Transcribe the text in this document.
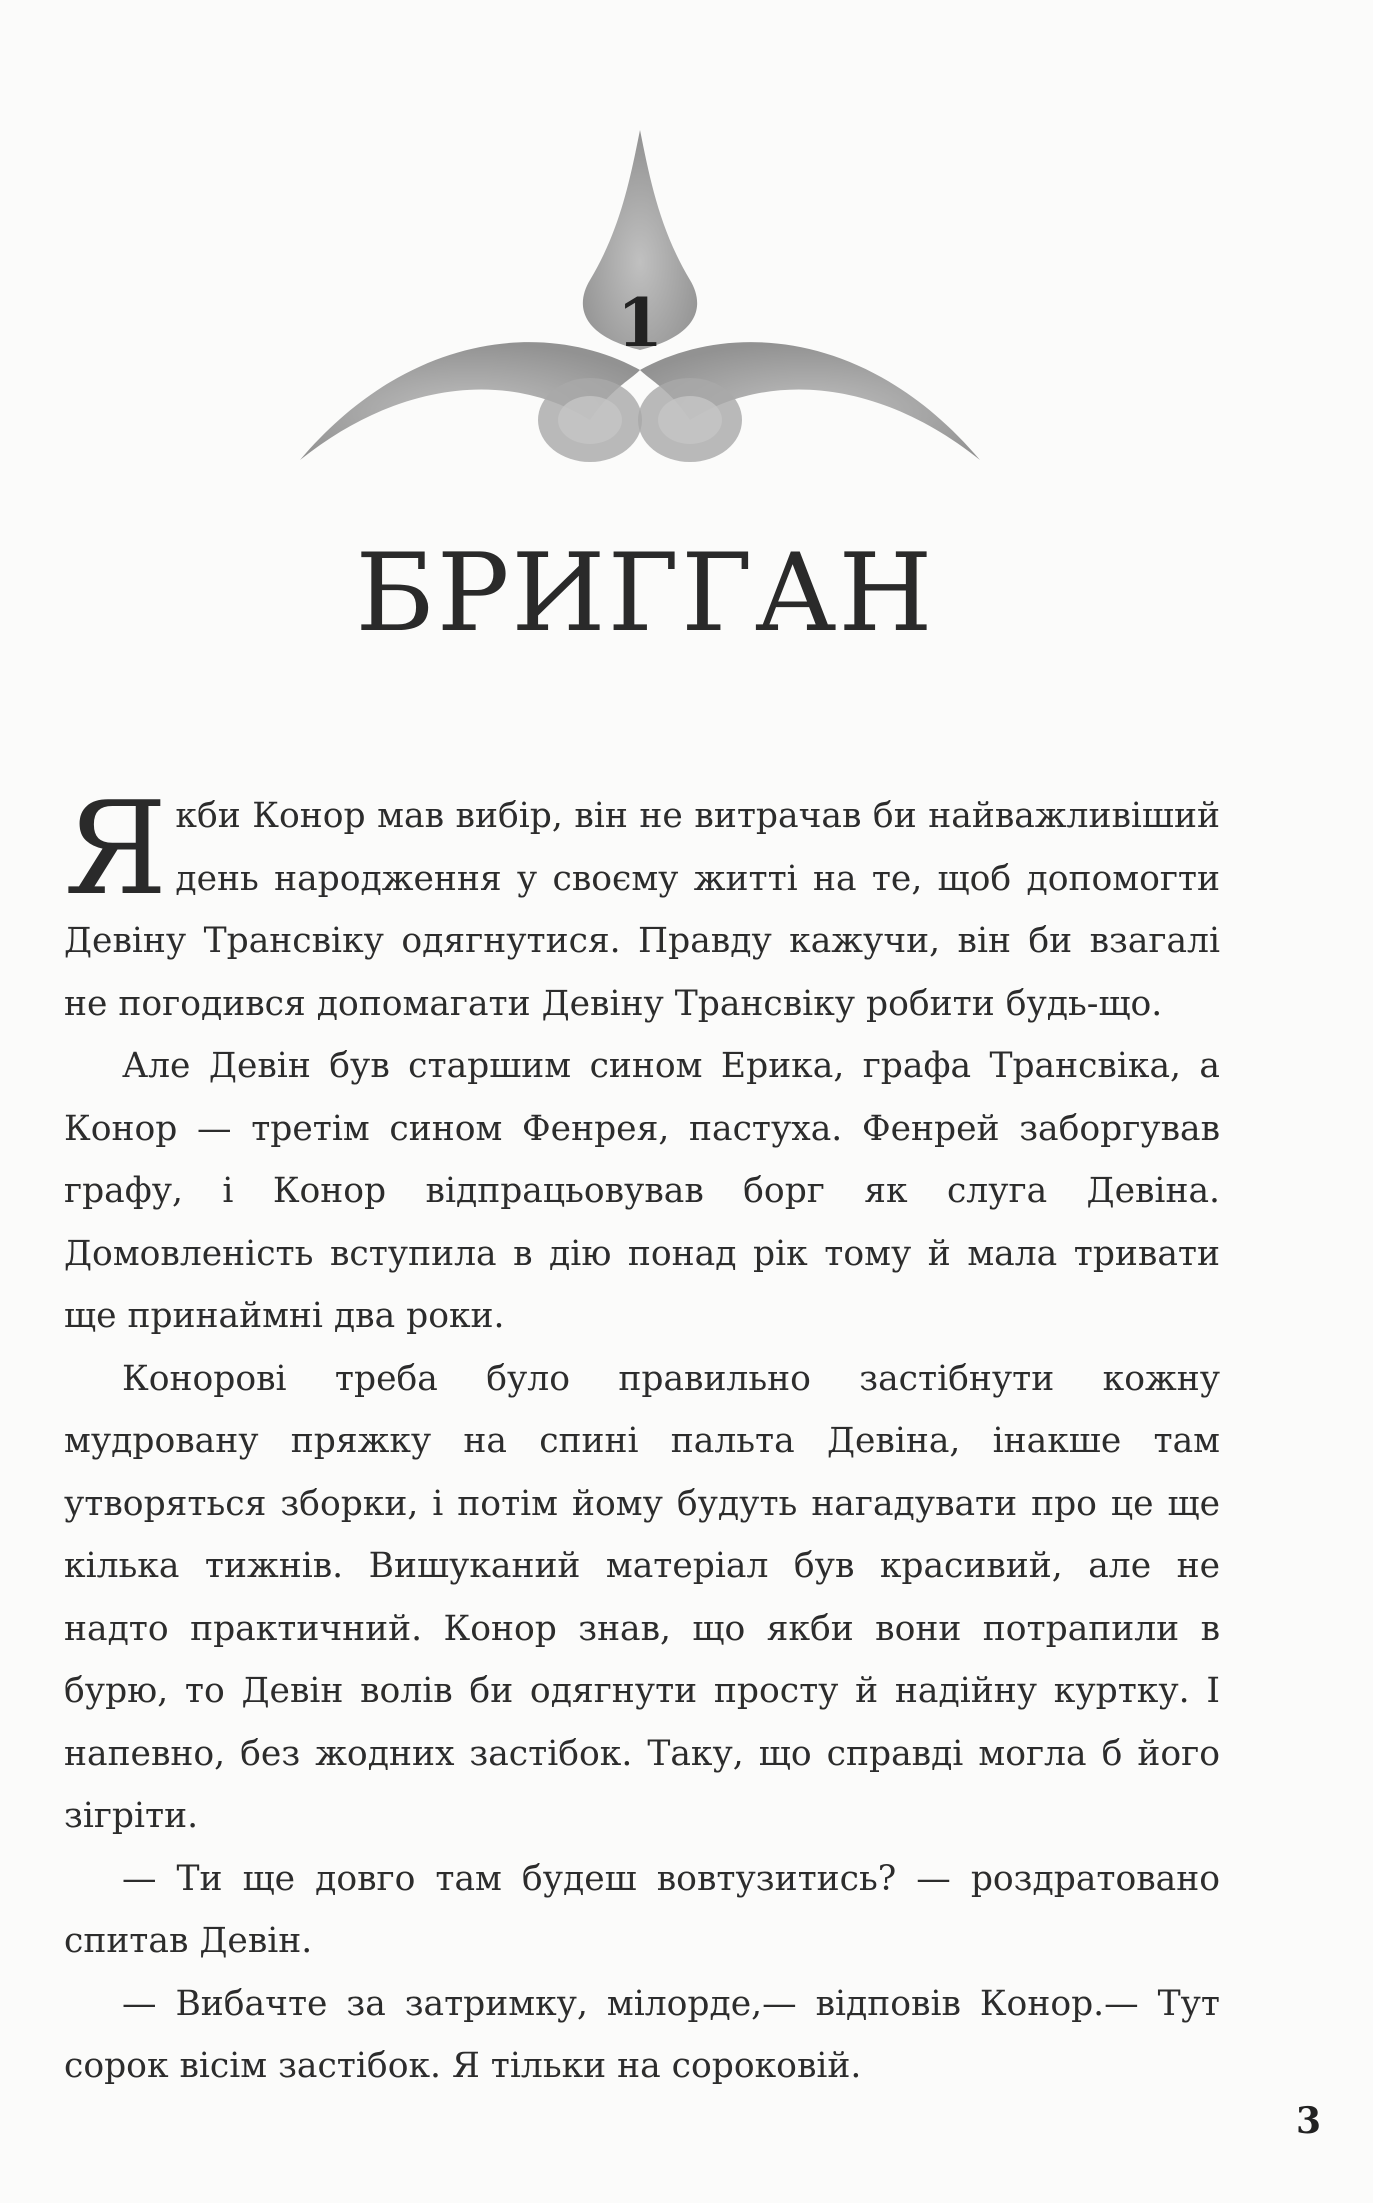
1
БРИГГАН

Якби Конор мав вибір, він не витрачав би найважливіший день народження у своєму житті на те, щоб допомогти Девіну Трансвіку одягнутися. Правду кажучи, він би взагалі не погодився допомагати Девіну Трансвіку робити будь-що.

Але Девін був старшим сином Ерика, графа Трансвіка, а Конор — третім сином Фенрея, пастуха. Фенрей заборгував графу, і Конор відпрацьовував борг як слуга Девіна. Домовленість вступила в дію понад рік тому й мала тривати ще принаймні два роки.

Конорові треба було правильно застібнути кожну мудровану пряжку на спині пальта Девіна, інакше там утворяться зборки, і потім йому будуть нагадувати про це ще кілька тижнів. Вишуканий матеріал був красивий, але не надто практичний. Конор знав, що якби вони потрапили в бурю, то Девін волів би одягнути просту й надійну куртку. І напевно, без жодних застібок. Таку, що справді могла б його зігріти.

— Ти ще довго там будеш вовтузитись? — роздратовано спитав Девін.

— Вибачте за затримку, мілорде,— відповів Конор.— Тут сорок вісім застібок. Я тільки на сороковій.

3
